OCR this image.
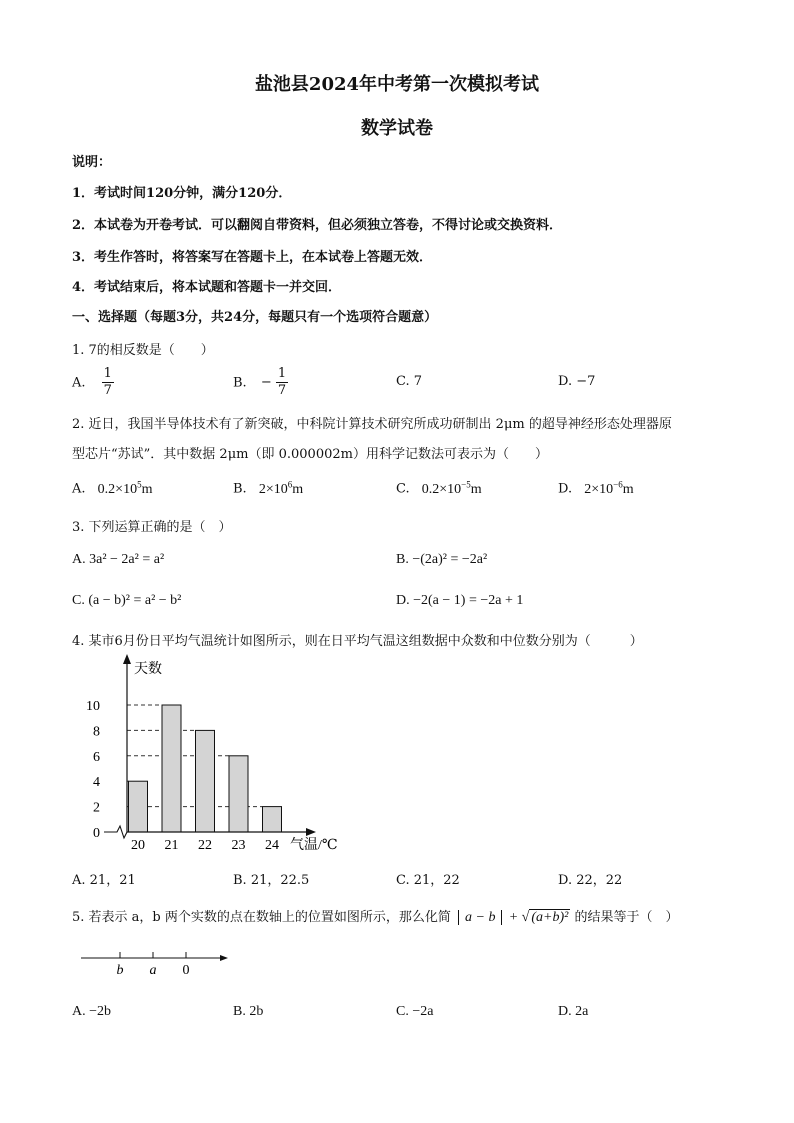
盐池县2024年中考第一次模拟考试
数学试卷
说明：
1．考试时间120分钟，满分120分．
2．本试卷为开卷考试．可以翻阅自带资料，但必须独立答卷，不得讨论或交换资料．
3．考生作答时，将答案写在答题卡上，在本试卷上答题无效．
4．考试结束后，将本试题和答题卡一并交回．
一、选择题（每题3分，共24分，每题只有一个选项符合题意）
1. 7的相反数是（　　）
A. $\frac{1}{7}$	B. − $\frac{1}{7}$	C. 7	D. −7
2. 近日，我国半导体技术有了新突破，中科院计算技术研究所成功研制出 2μm 的超导神经形态处理器原
型芯片“苏试”．其中数据 2μm（即 0.000002m）用科学记数法可表示为（　　）
A. $0.2\times 10^5m$	B. $2\times 10^6m$	C. $0.2\times 10^{-5}m$	D. $2\times 10^{-6}m$
3. 下列运算正确的是（　）
A. 3a² − 2a² = a²	B. −(2a)² = −2a²
C. (a − b)² = a² − b²	D. −2(a − 1) = −2a + 1
4. 某市6月份日平均气温统计如图所示，则在日平均气温这组数据中众数和中位数分别为（　　　）
天数
气温/℃
0
2
4
6
8
10
20 21 22 23 24
A. 21，21	B. 21，22.5	C. 21，22	D. 22，22
5. 若表示 a，b 两个实数的点在数轴上的位置如图所示，那么化简 a − b + √ (a+b)² 的结果等于（　）
b a 0
A. −2b	B. 2b	C. −2a	D. 2a
